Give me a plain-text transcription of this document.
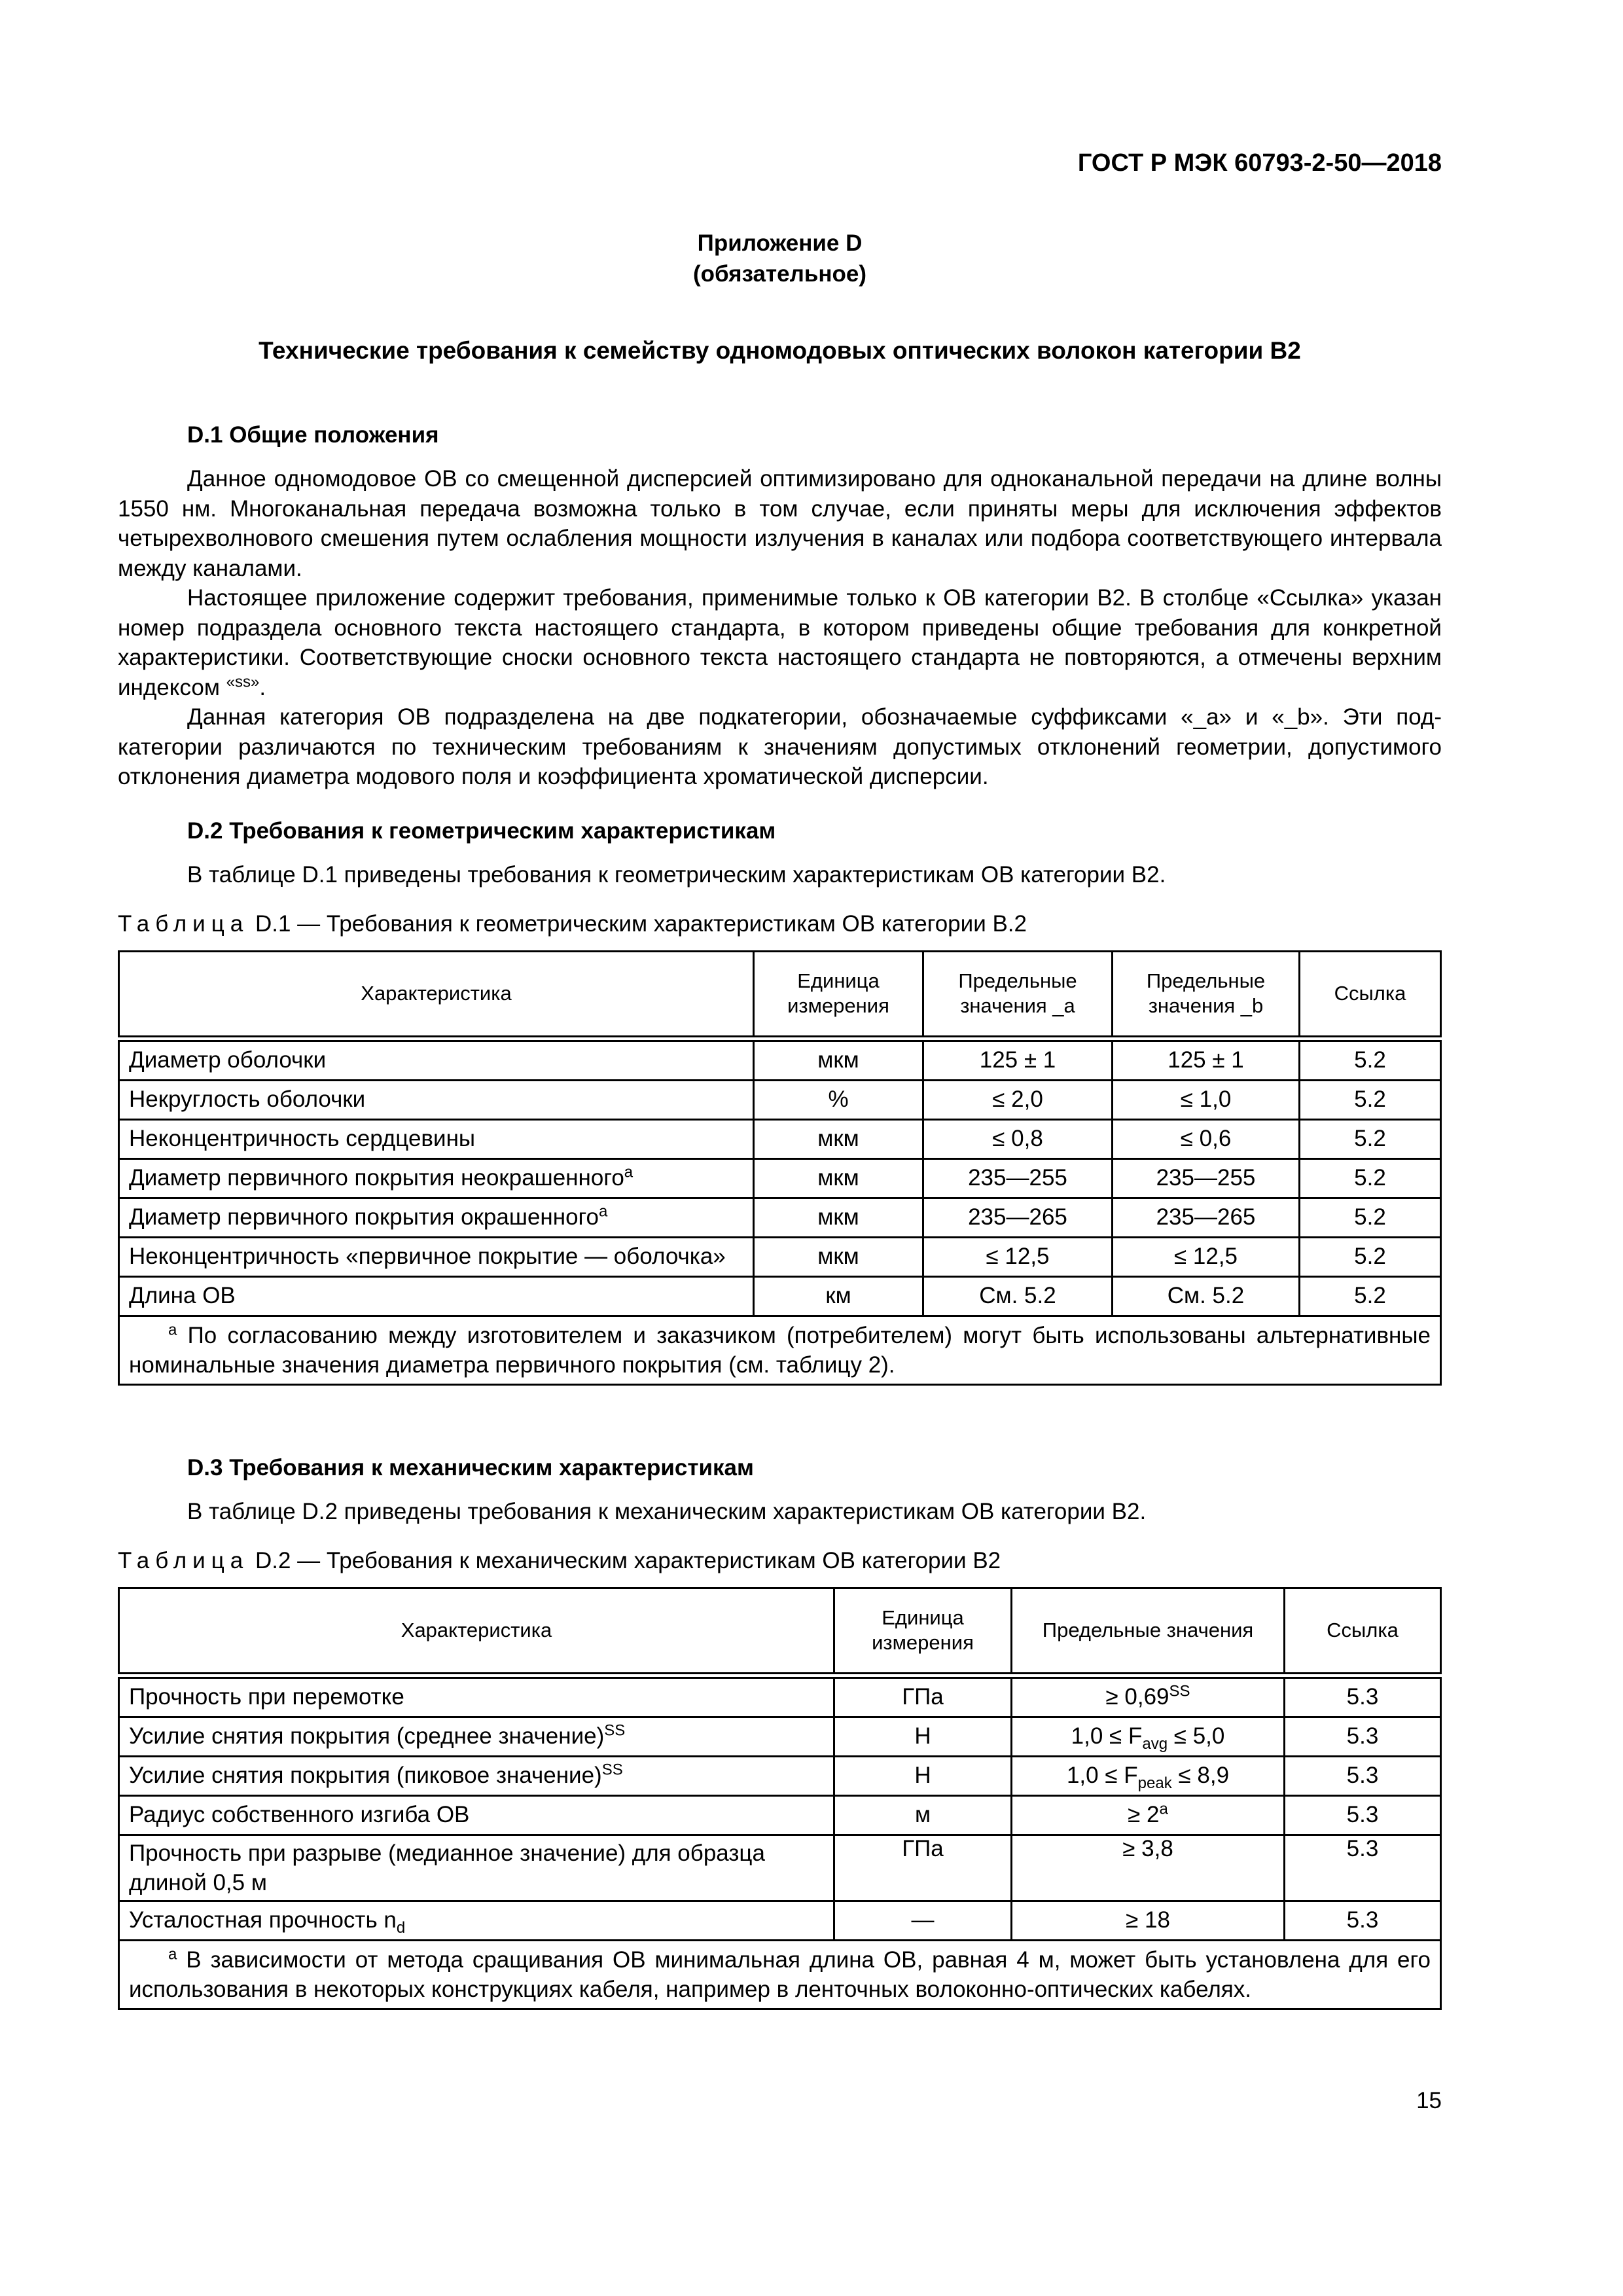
ГОСТ Р МЭК 60793-2-50—2018
Приложение D
(обязательное)
Технические требования к семейству одномодовых оптических волокон категории В2
D.1 Общие положения

Данное одномодовое ОВ со смещенной дисперсией оптимизировано для одноканальной передачи на длине волны 1550 нм. Многоканальная передача возможна только в том случае, если приняты меры для исключения эффектов четырехволнового смешения путем ослабления мощности излучения в каналах или подбора соответствующего интервала между каналами.

Настоящее приложение содержит требования, применимые только к ОВ категории В2. В столбце «Ссылка» указан номер подраздела основного текста настоящего стандарта, в котором приведены общие требования для конкретной характеристики. Соответствующие сноски основного текста настоящего стандарта не повторяются, а отмечены верхним индексом $^{«ss»}$.

Данная категория ОВ подразделена на две подкатегории, обозначаемые суффиксами «_a» и «_b». Эти подкатегории различаются по техническим требованиям к значениям допустимых отклонений геометрии, допустимого отклонения диаметра модового поля и коэффициента хроматической дисперсии.

D.2 Требования к геометрическим характеристикам

В таблице D.1 приведены требования к геометрическим характеристикам ОВ категории В2.

Таблица D.1 — Требования к геометрическим характеристикам ОВ категории В.2
Характеристика	Единица измерения	Предельные значения _a	Предельные значения _b	Ссылка
Диаметр оболочки	мкм	125 ± 1	125 ± 1	5.2
Некруглость оболочки	%	≤ 2,0	≤ 1,0	5.2
Неконцентричность сердцевины	мкм	≤ 0,8	≤ 0,6	5.2
Диаметр первичного покрытия неокрашенного$^a$	мкм	235—255	235—255	5.2
Диаметр первичного покрытия окрашенного$^a$	мкм	235—265	235—265	5.2
Неконцентричность «первичное покрытие — оболочка»	мкм	≤ 12,5	≤ 12,5	5.2
Длина ОВ	км	См. 5.2	См. 5.2	5.2
$^a$ По согласованию между изготовителем и заказчиком (потребителем) могут быть использованы альтернативные номинальные значения диаметра первичного покрытия (см. таблицу 2).				
D.3 Требования к механическим характеристикам

В таблице D.2 приведены требования к механическим характеристикам ОВ категории В2.

Таблица D.2 — Требования к механическим характеристикам ОВ категории В2
Характеристика	Единица измерения	Предельные значения	Ссылка
Прочность при перемотке	ГПа	≥ $0,69^{SS}$	5.3
Усилие снятия покрытия (среднее значение)$^{SS}$	Н	$1,0 \le F_{avg} \le 5,0$	5.3
Усилие снятия покрытия (пиковое значение)$^{SS}$	Н	$1,0 \le F_{peak} \le 8,9$	5.3
Радиус собственного изгиба ОВ	м	≥ $2^a$	5.3
Прочность при разрыве (медианное значение) для образца длиной 0,5 м	ГПа	≥ 3,8	5.3
Усталостная прочность $n_d$	—	≥ 18	5.3
$^a$ В зависимости от метода сращивания ОВ минимальная длина ОВ, равная 4 м, может быть установлена для его использования в некоторых конструкциях кабеля, например в ленточных волоконно-оптических кабелях.			
15
